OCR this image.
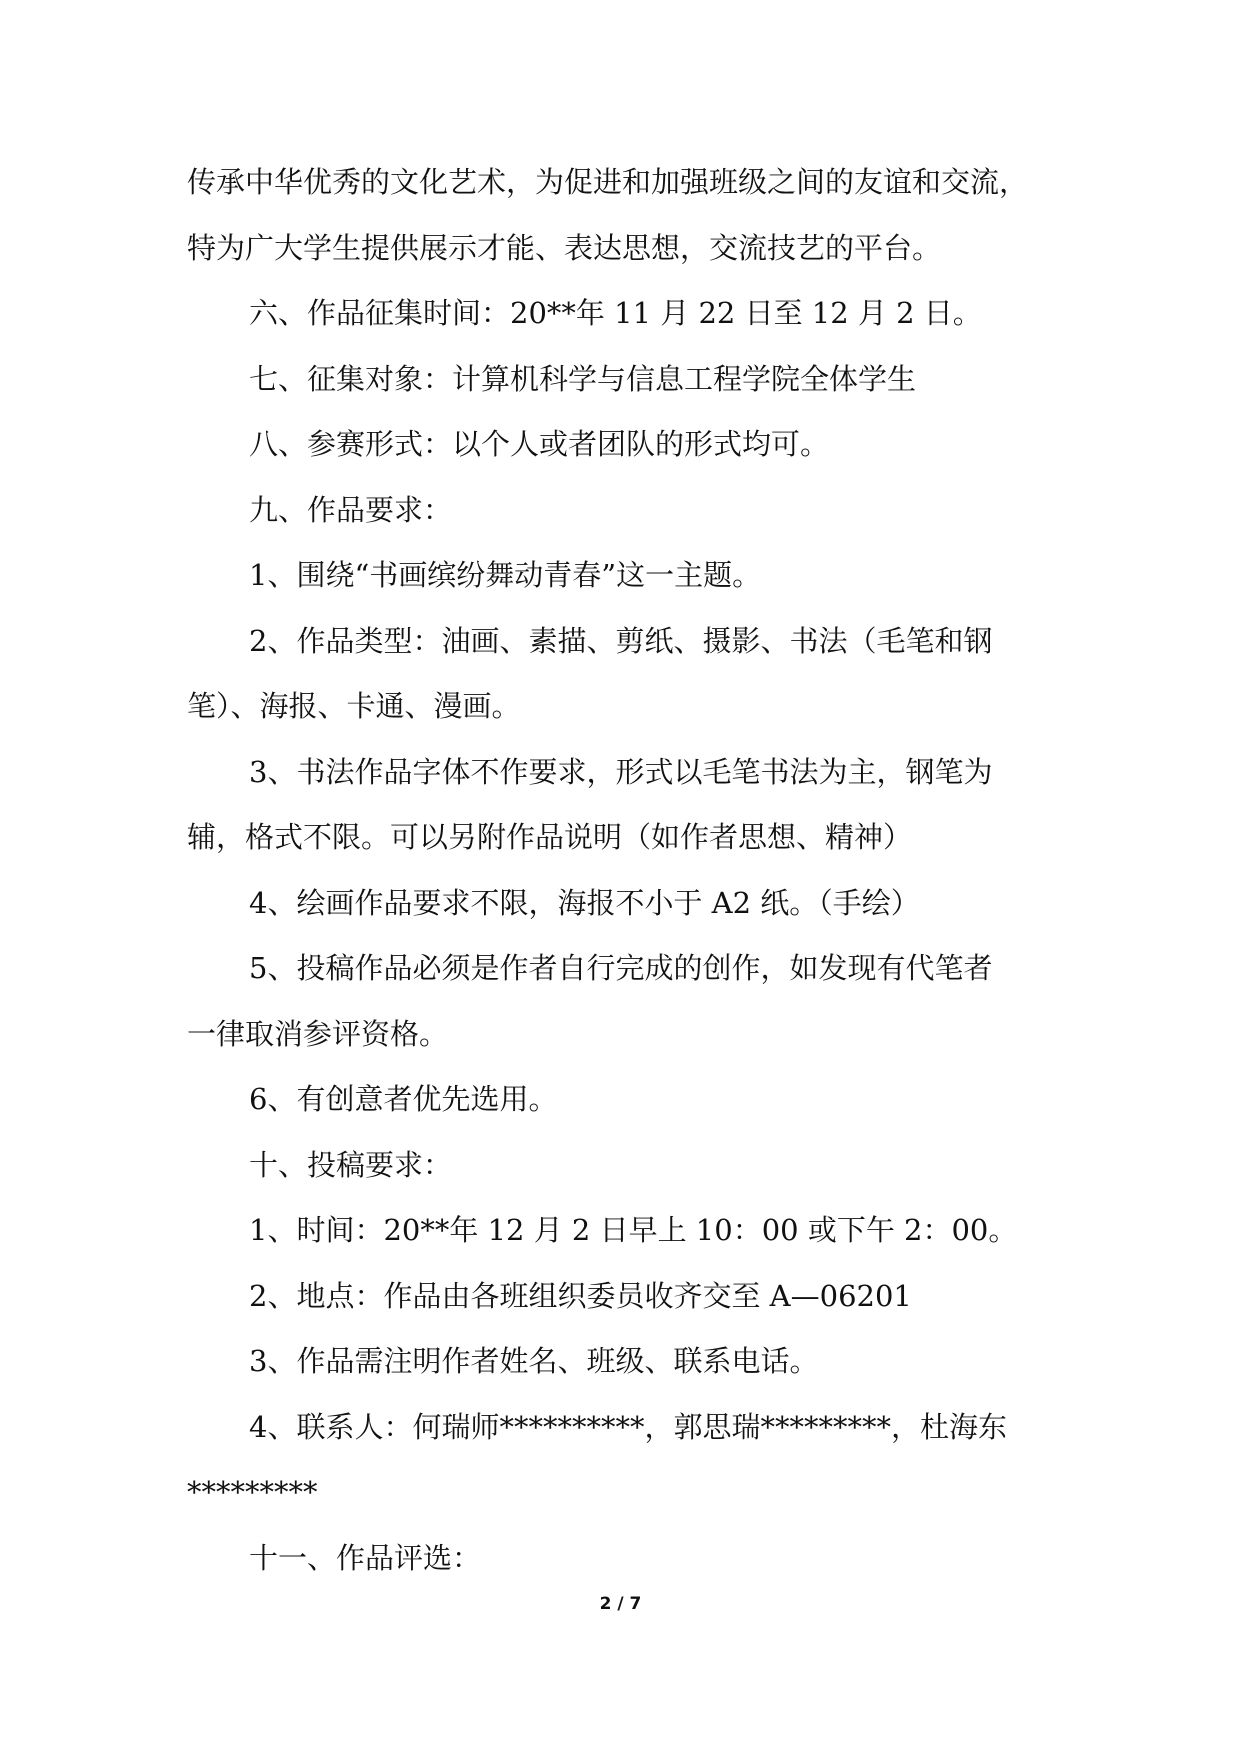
传承中华优秀的文化艺术，为促进和加强班级之间的友谊和交流，
特为广大学生提供展示才能、表达思想，交流技艺的平台。
六、作品征集时间：20**年 11 月 22 日至 12 月 2 日。
七、征集对象：计算机科学与信息工程学院全体学生
八、参赛形式：以个人或者团队的形式均可。
九、作品要求：
1、围绕“书画缤纷舞动青春”这一主题。
2、作品类型：油画、素描、剪纸、摄影、书法（毛笔和钢
笔）、海报、卡通、漫画。
3、书法作品字体不作要求，形式以毛笔书法为主，钢笔为
辅，格式不限。可以另附作品说明（如作者思想、精神）
4、绘画作品要求不限，海报不小于 A2 纸。（手绘）
5、投稿作品必须是作者自行完成的创作，如发现有代笔者
一律取消参评资格。
6、有创意者优先选用。
十、投稿要求：
1、时间：20**年 12 月 2 日早上 10：00 或下午 2：00。
2、地点：作品由各班组织委员收齐交至 A—06201
3、作品需注明作者姓名、班级、联系电话。
4、联系人：何瑞师**********，郭思瑞*********，杜海东
*********
十一、作品评选：
2 / 7
